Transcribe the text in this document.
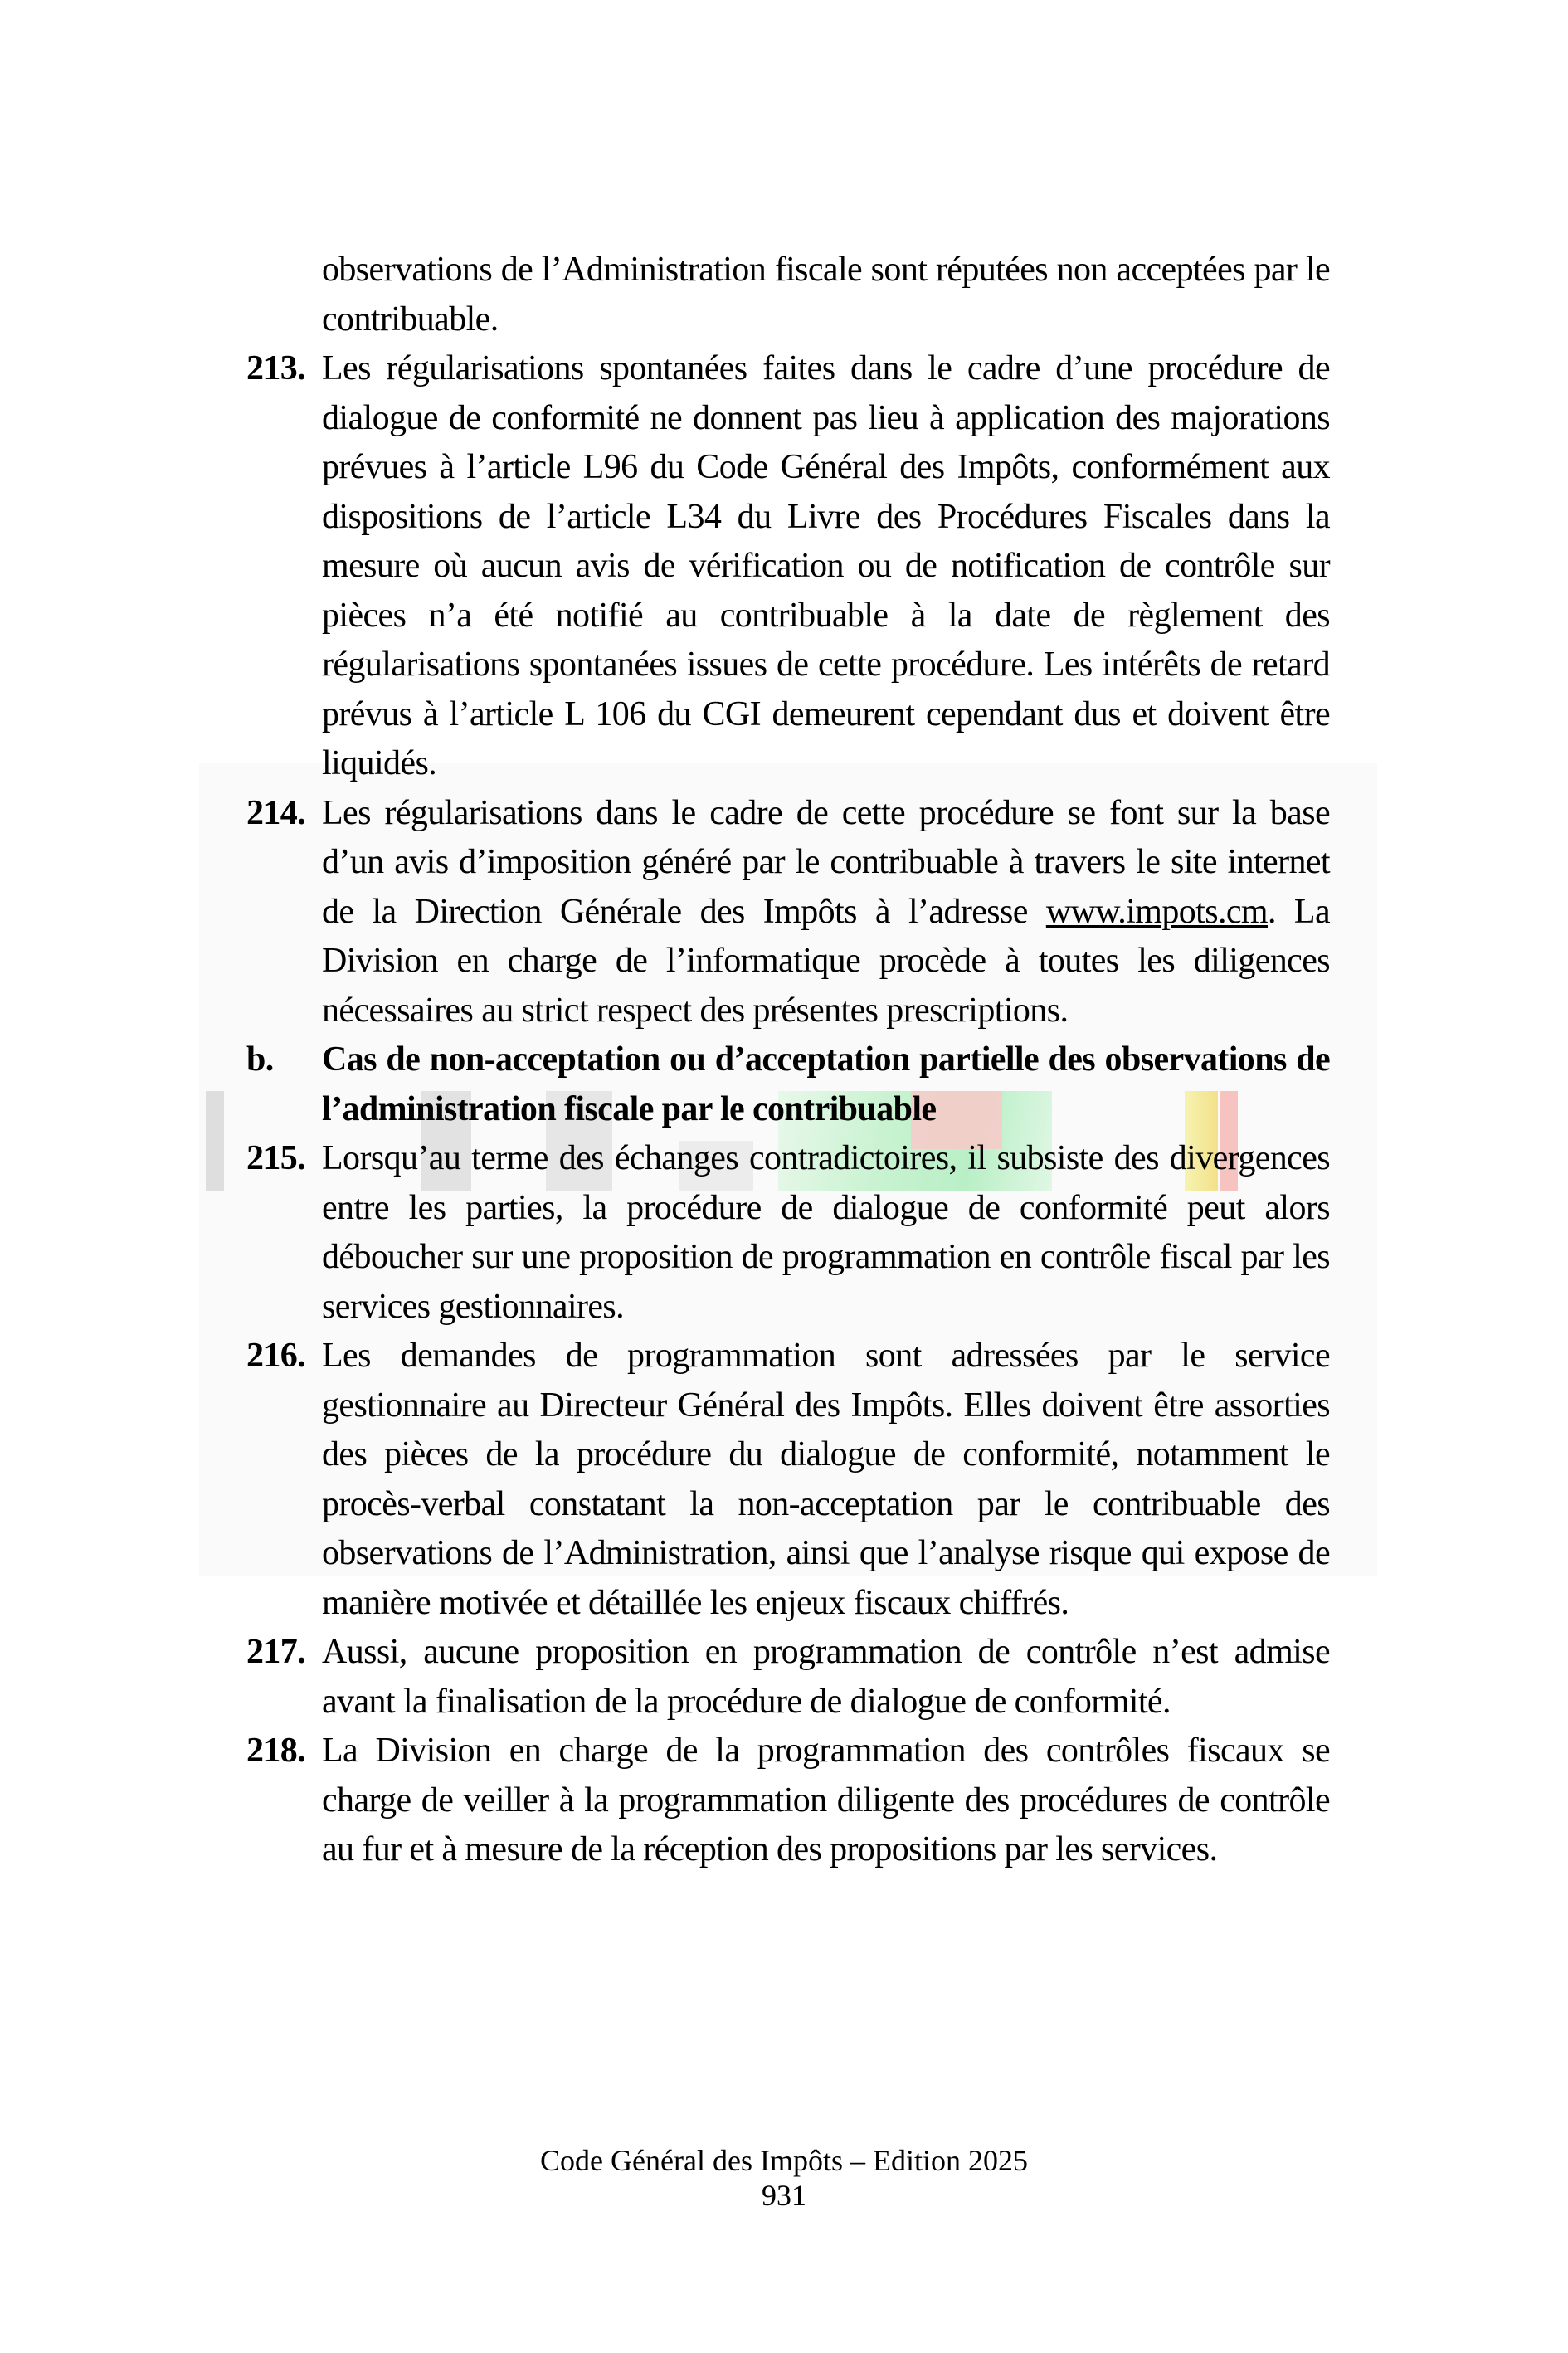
observations de l’Administration fiscale sont réputées non acceptées par le contribuable.
213. Les régularisations spontanées faites dans le cadre d’une procédure de dialogue de conformité ne donnent pas lieu à application des majorations prévues à l’article L96 du Code Général des Impôts, conformément aux dispositions de l’article L34 du Livre des Procédures Fiscales dans la mesure où aucun avis de vérification ou de notification de contrôle sur pièces n’a été notifié au contribuable à la date de règlement des régularisations spontanées issues de cette procédure. Les intérêts de retard prévus à l’article L 106 du CGI demeurent cependant dus et doivent être liquidés.
214. Les régularisations dans le cadre de cette procédure se font sur la base d’un avis d’imposition généré par le contribuable à travers le site internet de la Direction Générale des Impôts à l’adresse www.impots.cm. La Division en charge de l’informatique procède à toutes les diligences nécessaires au strict respect des présentes prescriptions.
b. Cas de non-acceptation ou d’acceptation partielle des observations de l’administration fiscale par le contribuable
215. Lorsqu’au terme des échanges contradictoires, il subsiste des divergences entre les parties, la procédure de dialogue de conformité peut alors déboucher sur une proposition de programmation en contrôle fiscal par les services gestionnaires.
216. Les demandes de programmation sont adressées par le service gestionnaire au Directeur Général des Impôts. Elles doivent être assorties des pièces de la procédure du dialogue de conformité, notamment le procès-verbal constatant la non-acceptation par le contribuable des observations de l’Administration, ainsi que l’analyse risque qui expose de manière motivée et détaillée les enjeux fiscaux chiffrés.
217. Aussi, aucune proposition en programmation de contrôle n’est admise avant la finalisation de la procédure de dialogue de conformité.
218. La Division en charge de la programmation des contrôles fiscaux se charge de veiller à la programmation diligente des procédures de contrôle au fur et à mesure de la réception des propositions par les services.
Code Général des Impôts – Edition 2025
931
